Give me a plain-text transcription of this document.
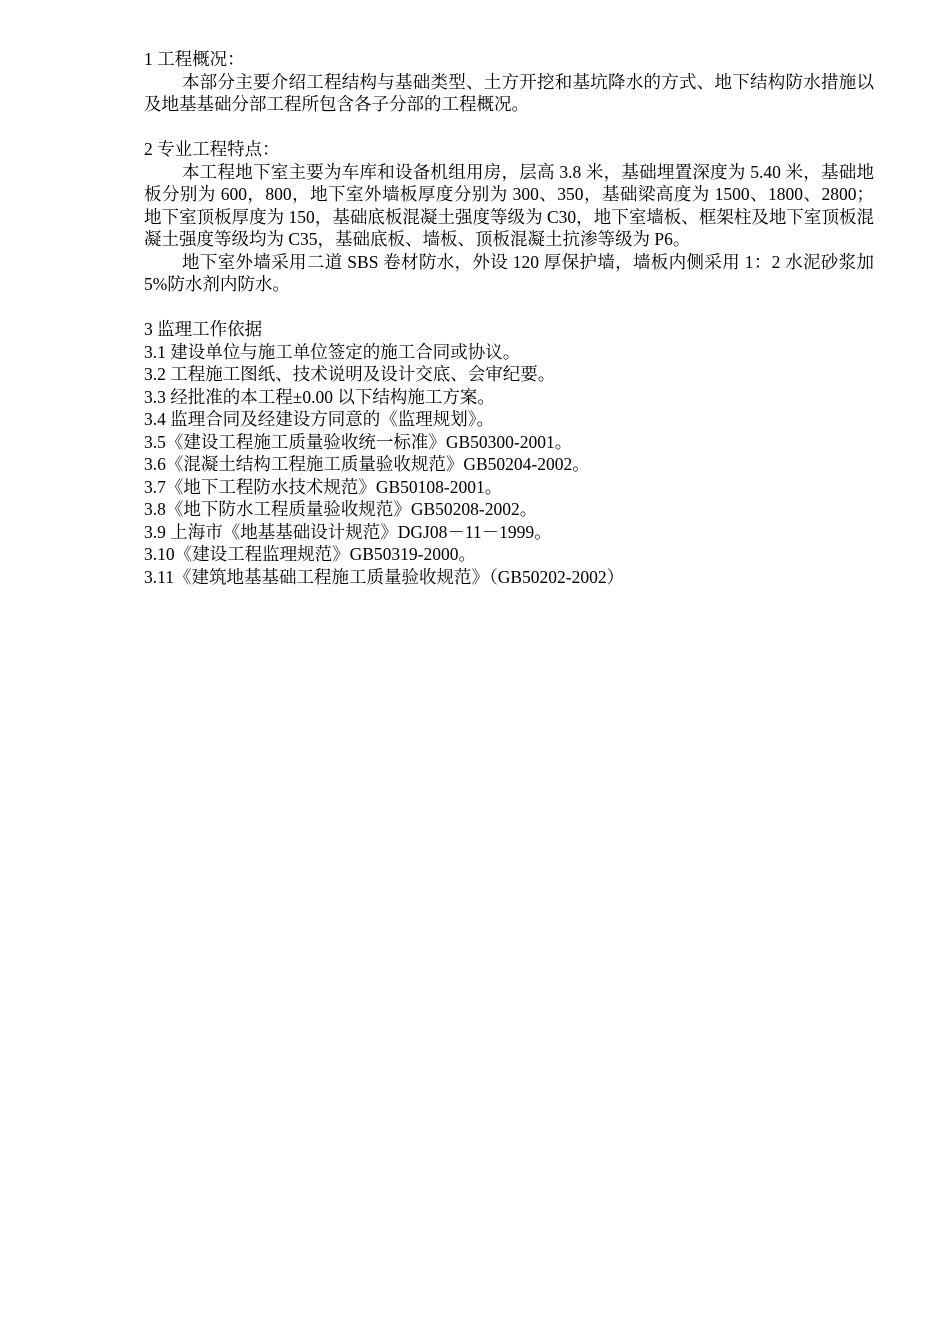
1 工程概况：
本部分主要介绍工程结构与基础类型、土方开挖和基坑降水的方式、地下结构防水措施以及地基基础分部工程所包含各子分部的工程概况。
2 专业工程特点：
本工程地下室主要为车库和设备机组用房，层高 3.8 米，基础埋置深度为 5.40 米，基础地板分别为 600，800，地下室外墙板厚度分别为 300、350，基础梁高度为 1500、1800、2800；地下室顶板厚度为 150，基础底板混凝土强度等级为 C30，地下室墙板、框架柱及地下室顶板混凝土强度等级均为 C35，基础底板、墙板、顶板混凝土抗渗等级为 P6。
地下室外墙采用二道 SBS 卷材防水，外设 120 厚保护墙，墙板内侧采用 1：2 水泥砂浆加 5%防水剂内防水。
3 监理工作依据
3.1 建设单位与施工单位签定的施工合同或协议。
3.2 工程施工图纸、技术说明及设计交底、会审纪要。
3.3 经批准的本工程±0.00 以下结构施工方案。
3.4 监理合同及经建设方同意的《监理规划》。
3.5《建设工程施工质量验收统一标准》GB50300-2001。
3.6《混凝土结构工程施工质量验收规范》GB50204-2002。
3.7《地下工程防水技术规范》GB50108-2001。
3.8《地下防水工程质量验收规范》GB50208-2002。
3.9 上海市《地基基础设计规范》DGJ08－11－1999。
3.10《建设工程监理规范》GB50319-2000。
3.11《建筑地基基础工程施工质量验收规范》（GB50202-2002）
